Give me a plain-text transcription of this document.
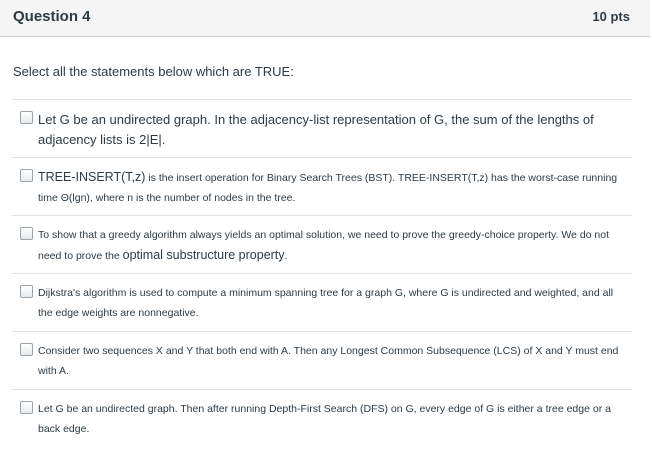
Question 4	10 pts
Select all the statements below which are TRUE:
Let G be an undirected graph. In the adjacency-list representation of G, the sum of the lengths of adjacency lists is 2|E|.
TREE-INSERT(T,z) is the insert operation for Binary Search Trees (BST). TREE-INSERT(T,z) has the worst-case running time Θ(lgn), where n is the number of nodes in the tree.
To show that a greedy algorithm always yields an optimal solution, we need to prove the greedy-choice property. We do not need to prove the optimal substructure property.
Dijkstra's algorithm is used to compute a minimum spanning tree for a graph G, where G is undirected and weighted, and all the edge weights are nonnegative.
Consider two sequences X and Y that both end with A. Then any Longest Common Subsequence (LCS) of X and Y must end with A.
Let G be an undirected graph. Then after running Depth-First Search (DFS) on G, every edge of G is either a tree edge or a back edge.
